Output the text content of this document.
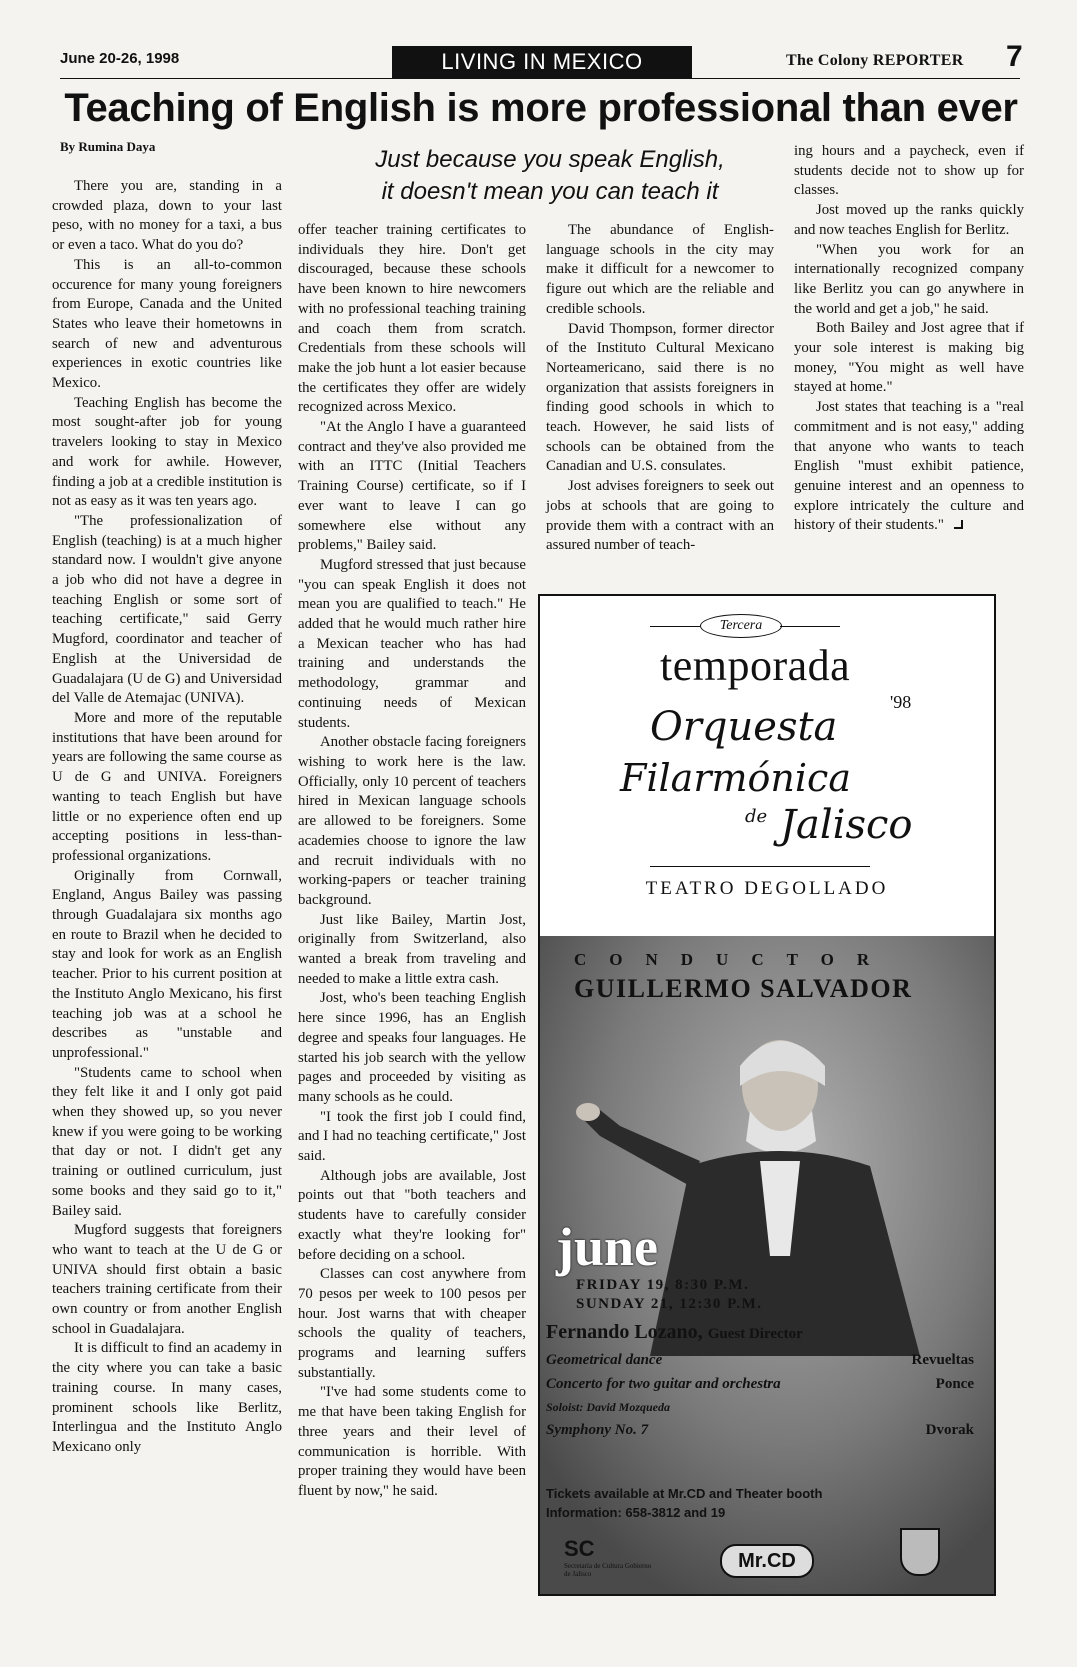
June 20-26, 1998	LIVING IN MEXICO	The Colony REPORTER 7
Teaching of English is more professional than ever
By Rumina Daya	Just because you speak English,
it doesn't mean you can teach it

There you are, standing in a crowded plaza, down to your last peso, with no money for a taxi, a bus or even a taco. What do you do?

This is an all-to-common occurence for many young foreigners from Europe, Canada and the United States who leave their hometowns in search of new and adventurous experiences in exotic countries like Mexico.

Teaching English has become the most sought-after job for young travelers looking to stay in Mexico and work for awhile. However, finding a job at a credible institution is not as easy as it was ten years ago.

"The professionalization of English (teaching) is at a much higher standard now. I wouldn't give anyone a job who did not have a degree in teaching English or some sort of teaching certificate," said Gerry Mugford, coordinator and teacher of English at the Universidad de Guadalajara (U de G) and Universidad del Valle de Atemajac (UNIVA).

More and more of the reputable institutions that have been around for years are following the same course as U de G and UNIVA. Foreigners wanting to teach English but have little or no experience often end up accepting positions in less-than-professional organizations.

Originally from Cornwall, England, Angus Bailey was passing through Guadalajara six months ago en route to Brazil when he decided to stay and look for work as an English teacher. Prior to his current position at the Instituto Anglo Mexicano, his first teaching job was at a school he describes as "unstable and unprofessional."

"Students came to school when they felt like it and I only got paid when they showed up, so you never knew if you were going to be working that day or not. I didn't get any training or outlined curriculum, just some books and they said go to it," Bailey said.

Mugford suggests that foreigners who want to teach at the U de G or UNIVA should first obtain a basic teachers training certificate from their own country or from another English school in Guadalajara.

It is difficult to find an academy in the city where you can take a basic training course. In many cases, prominent schools like Berlitz, Interlingua and the Instituto Anglo Mexicano only

offer teacher training certificates to individuals they hire. Don't get discouraged, because these schools have been known to hire newcomers with no professional teaching training and coach them from scratch. Credentials from these schools will make the job hunt a lot easier because the certificates they offer are widely recognized across Mexico.

"At the Anglo I have a guaranteed contract and they've also provided me with an ITTC (Initial Teachers Training Course) certificate, so if I ever want to leave I can go somewhere else without any problems," Bailey said.

Mugford stressed that just because "you can speak English it does not mean you are qualified to teach." He added that he would much rather hire a Mexican teacher who has had training and understands the methodology, grammar and continuing needs of Mexican students.

Another obstacle facing foreigners wishing to work here is the law. Officially, only 10 percent of teachers hired in Mexican language schools are allowed to be foreigners. Some academies choose to ignore the law and recruit individuals with no working-papers or teacher training background.

Just like Bailey, Martin Jost, originally from Switzerland, also wanted a break from traveling and needed to make a little extra cash.

Jost, who's been teaching English here since 1996, has an English degree and speaks four languages. He started his job search with the yellow pages and proceeded by visiting as many schools as he could.

"I took the first job I could find, and I had no teaching certificate," Jost said.

Although jobs are available, Jost points out that "both teachers and students have to carefully consider exactly what they're looking for" before deciding on a school.

Classes can cost anywhere from 70 pesos per week to 100 pesos per hour. Jost warns that with cheaper schools the quality of teachers, programs and learning suffers substantially.

"I've had some students come to me that have been taking English for three years and their level of communication is horrible. With proper training they would have been fluent by now," he said.

The abundance of English-language schools in the city may make it difficult for a newcomer to figure out which are the reliable and credible schools.

David Thompson, former director of the Instituto Cultural Mexicano Norteamericano, said there is no organization that assists foreigners in finding good schools in which to teach. However, he said lists of schools can be obtained from the Canadian and U.S. consulates.

Jost advises foreigners to seek out jobs at schools that are going to provide them with a contract with an assured number of teach-

ing hours and a paycheck, even if students decide not to show up for classes.

Jost moved up the ranks quickly and now teaches English for Berlitz.

"When you work for an internationally recognized company like Berlitz you can go anywhere in the world and get a job," he said.

Both Bailey and Jost agree that if your sole interest is making big money, "You might as well have stayed at home."

Jost states that teaching is a "real commitment and is not easy," adding that anyone who wants to teach English "must exhibit patience, genuine interest and an openness to explore intricately the culture and history of their students."

Tercera
temporada
'98
Orquesta
Filarmónica
de Jalisco
TEATRO DEGOLLADO
CONDUCTOR
GUILLERMO SALVADOR
june
FRIDAY 19, 8:30 P.M.
SUNDAY 21, 12:30 P.M.
Fernando Lozano, Guest Director
Geometrical dance	Revueltas
Concerto for two guitar and orchestra	Ponce
Soloist: David Mozqueda
Symphony No. 7	Dvorak
Tickets available at Mr.CD and Theater booth
Information: 658-3812 and 19
SC
Secretaría de Cultura Gobierno de Jalisco
Mr.CD
